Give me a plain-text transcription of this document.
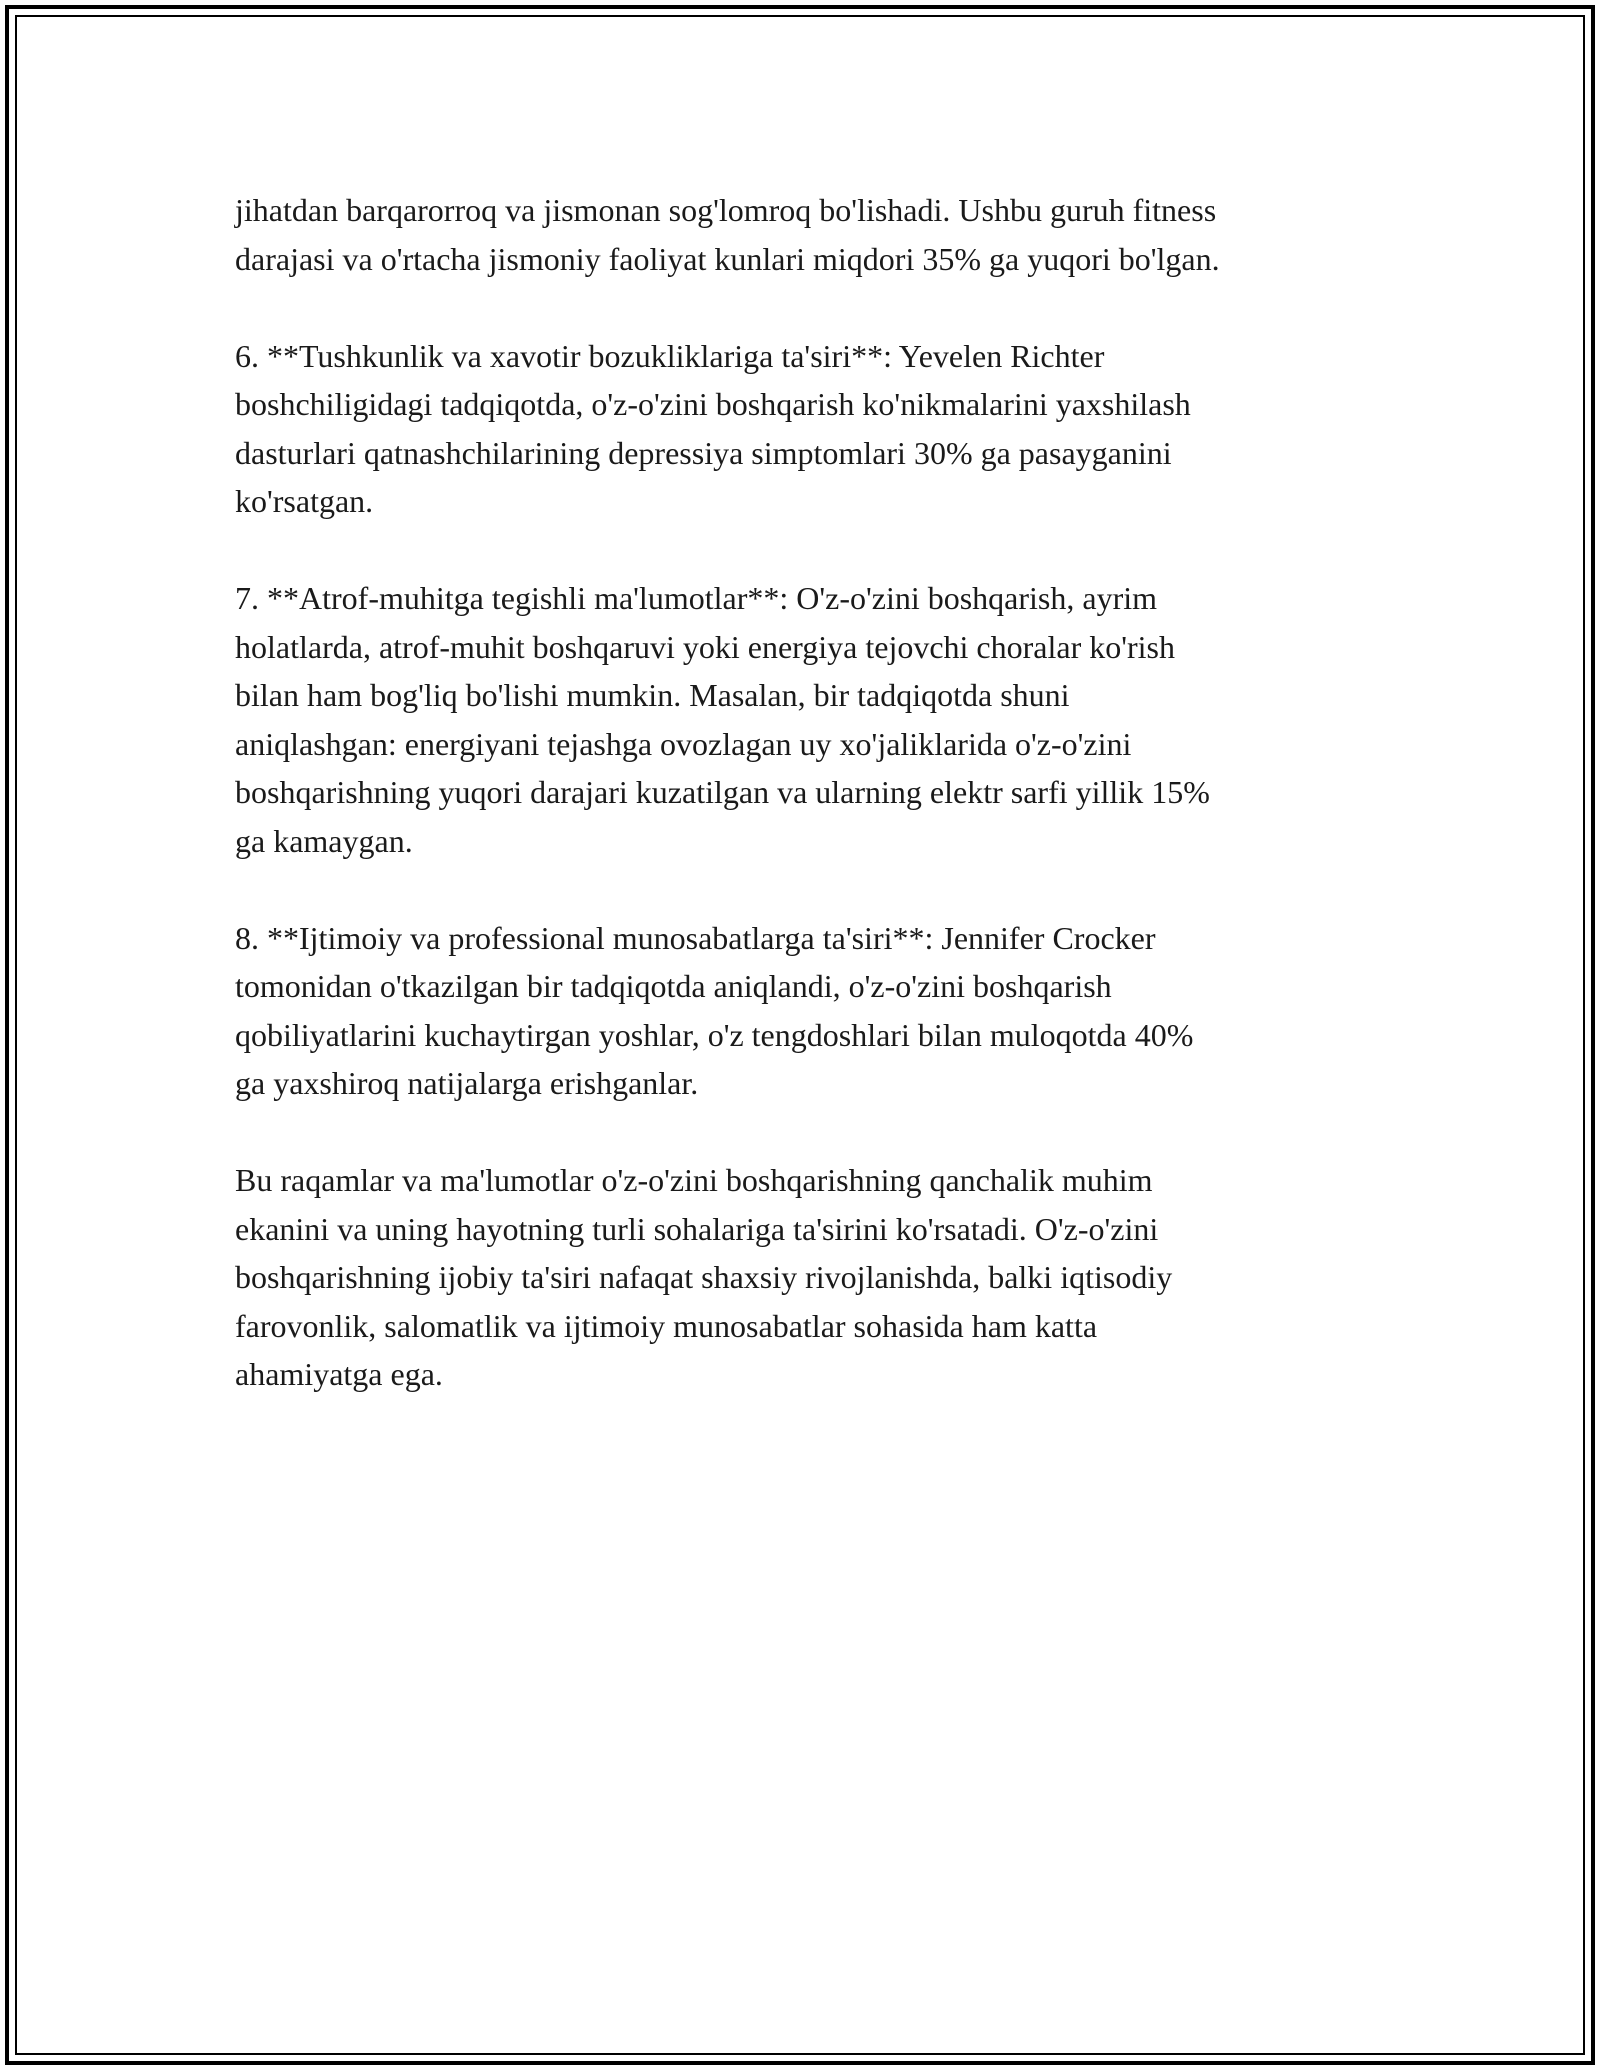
jihatdan barqarorroq va jismonan sog'lomroq bo'lishadi. Ushbu guruh fitness
darajasi va o'rtacha jismoniy faoliyat kunlari miqdori 35% ga yuqori bo'lgan.

6. **Tushkunlik va xavotir bozukliklariga ta'siri**: Yevelen Richter
boshchiligidagi tadqiqotda, o'z-o'zini boshqarish ko'nikmalarini yaxshilash
dasturlari qatnashchilarining depressiya simptomlari 30% ga pasayganini
ko'rsatgan.

7. **Atrof-muhitga tegishli ma'lumotlar**: O'z-o'zini boshqarish, ayrim
holatlarda, atrof-muhit boshqaruvi yoki energiya tejovchi choralar ko'rish
bilan ham bog'liq bo'lishi mumkin. Masalan, bir tadqiqotda shuni
aniqlashgan: energiyani tejashga ovozlagan uy xo'jaliklarida o'z-o'zini
boshqarishning yuqori darajari kuzatilgan va ularning elektr sarfi yillik 15%
ga kamaygan.

8. **Ijtimoiy va professional munosabatlarga ta'siri**: Jennifer Crocker
tomonidan o'tkazilgan bir tadqiqotda aniqlandi, o'z-o'zini boshqarish
qobiliyatlarini kuchaytirgan yoshlar, o'z tengdoshlari bilan muloqotda 40%
ga yaxshiroq natijalarga erishganlar.

Bu raqamlar va ma'lumotlar o'z-o'zini boshqarishning qanchalik muhim
ekanini va uning hayotning turli sohalariga ta'sirini ko'rsatadi. O'z-o'zini
boshqarishning ijobiy ta'siri nafaqat shaxsiy rivojlanishda, balki iqtisodiy
farovonlik, salomatlik va ijtimoiy munosabatlar sohasida ham katta
ahamiyatga ega.
